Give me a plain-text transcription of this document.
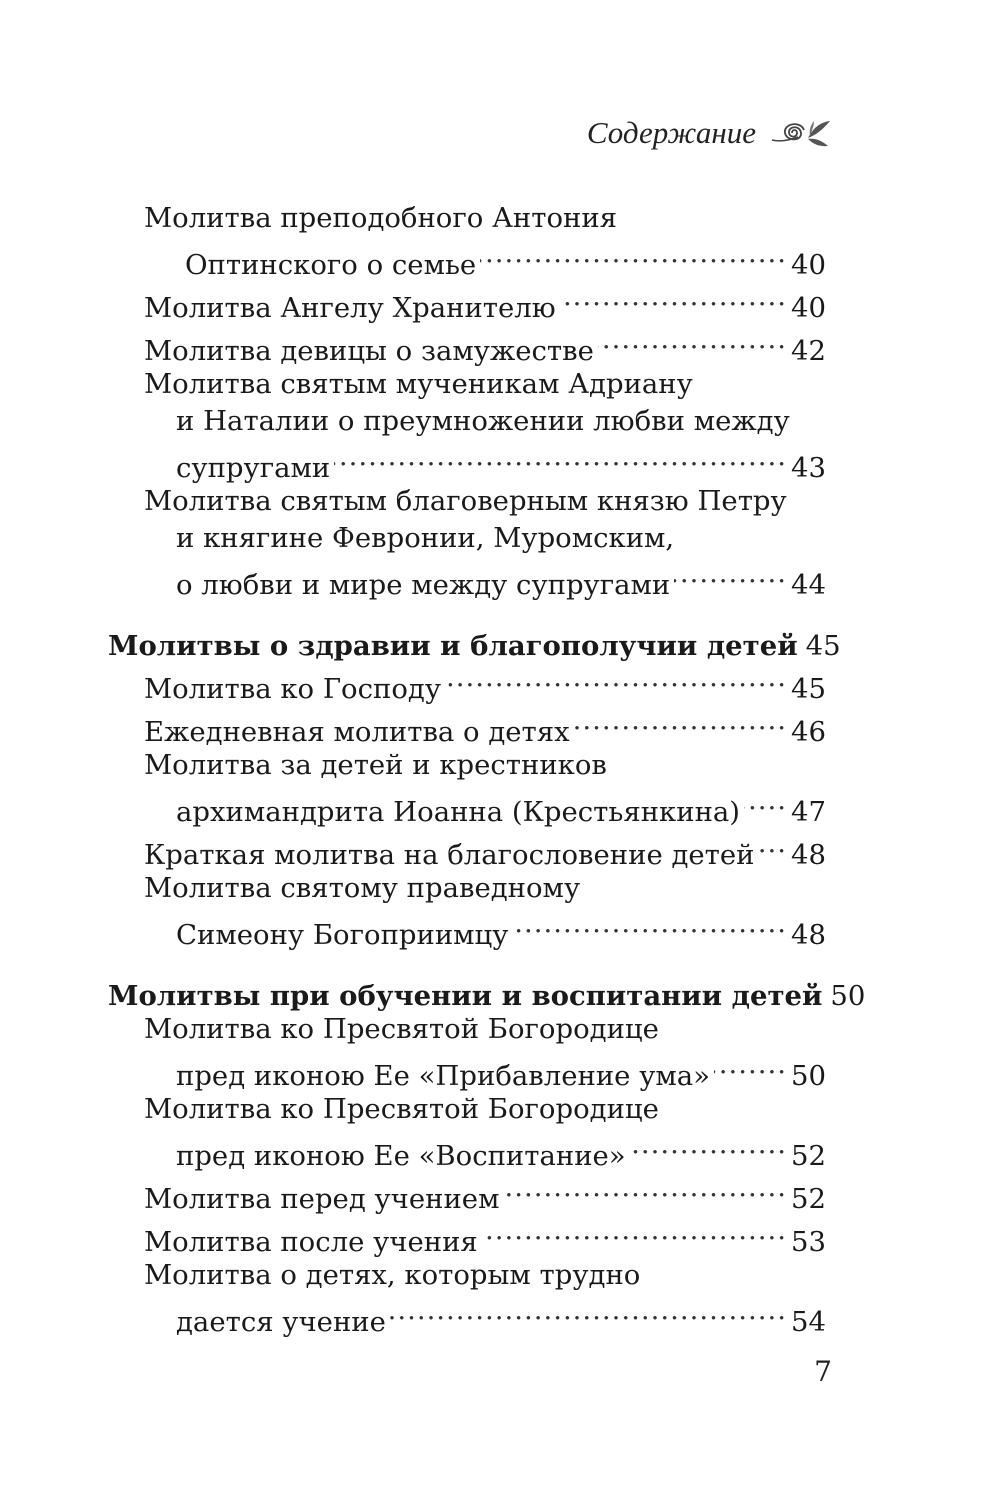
Содержание
Молитва преподобного Антония
Оптинского о семье .....	40
Молитва Ангелу Хранителю .....	40
Молитва девицы о замужестве .....	42
Молитва святым мученикам Адриану
и Наталии о преумножении любви между
супругами .....	43
Молитва святым благоверным князю Петру
и княгине Февронии, Муромским,
о любви и мире между супругами .....	44
Молитвы о здравии и благополучии детей 45
Молитва ко Господу .....	45
Ежедневная молитва о детях .....	46
Молитва за детей и крестников
архимандрита Иоанна (Крестьянкина) ..... 47
Краткая молитва на благословение детей ..... 48
Молитва святому праведному
Симеону Богоприимцу .....	48
Молитвы при обучении и воспитании детей 50
Молитва ко Пресвятой Богородице
пред иконою Ее «Прибавление ума» .....	50
Молитва ко Пресвятой Богородице
пред иконою Ее «Воспитание» .....	52
Молитва перед учением .....	52
Молитва после учения .....	53
Молитва о детях, которым трудно
дается учение .....	54
7
